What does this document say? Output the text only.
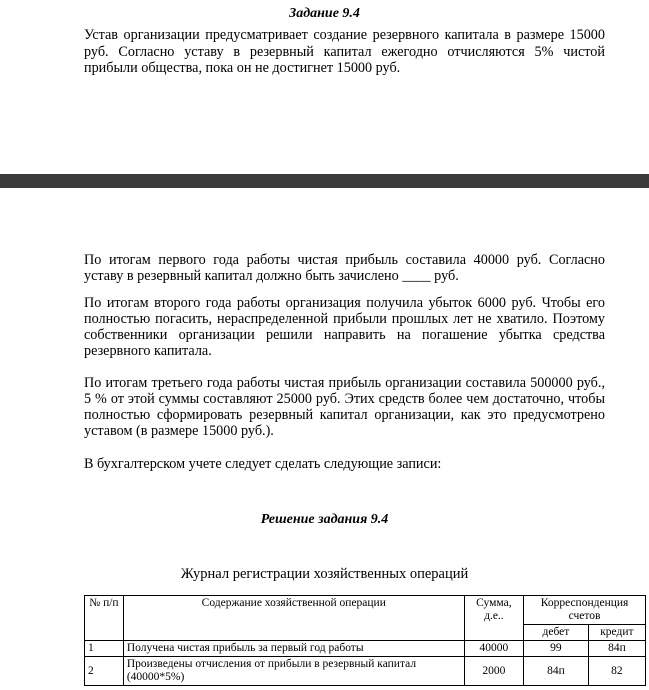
Задание 9.4
Устав организации предусматривает создание резервного капитала в размере 15000 руб. Согласно уставу в резервный капитал ежегодно отчисляются 5% чистой прибыли общества, пока он не достигнет 15000 руб.
По итогам первого года работы чистая прибыль составила 40000 руб. Согласно уставу в резервный капитал должно быть зачислено ____ руб.
По итогам второго года работы организация получила убыток 6000 руб. Чтобы его полностью погасить, нераспределенной прибыли прошлых лет не хватило. Поэтому собственники организации решили направить на погашение убытка средства резервного капитала.
По итогам третьего года работы чистая прибыль организации составила 500000 руб., 5 % от этой суммы составляют 25000 руб. Этих средств более чем достаточно, чтобы полностью сформировать резервный капитал организации, как это предусмотрено уставом (в размере 15000 руб.).
В бухгалтерском учете следует сделать следующие записи:
Решение задания 9.4
Журнал регистрации хозяйственных операций
№ п/п	Содержание хозяйственной операции	Сумма, д.е..	Корреспонденция счетов	
			дебет	кредит
1	Получена чистая прибыль за первый год работы	40000	99	84п
2	Произведены отчисления от прибыли в резервный капитал (40000*5%)	2000	84п	82
